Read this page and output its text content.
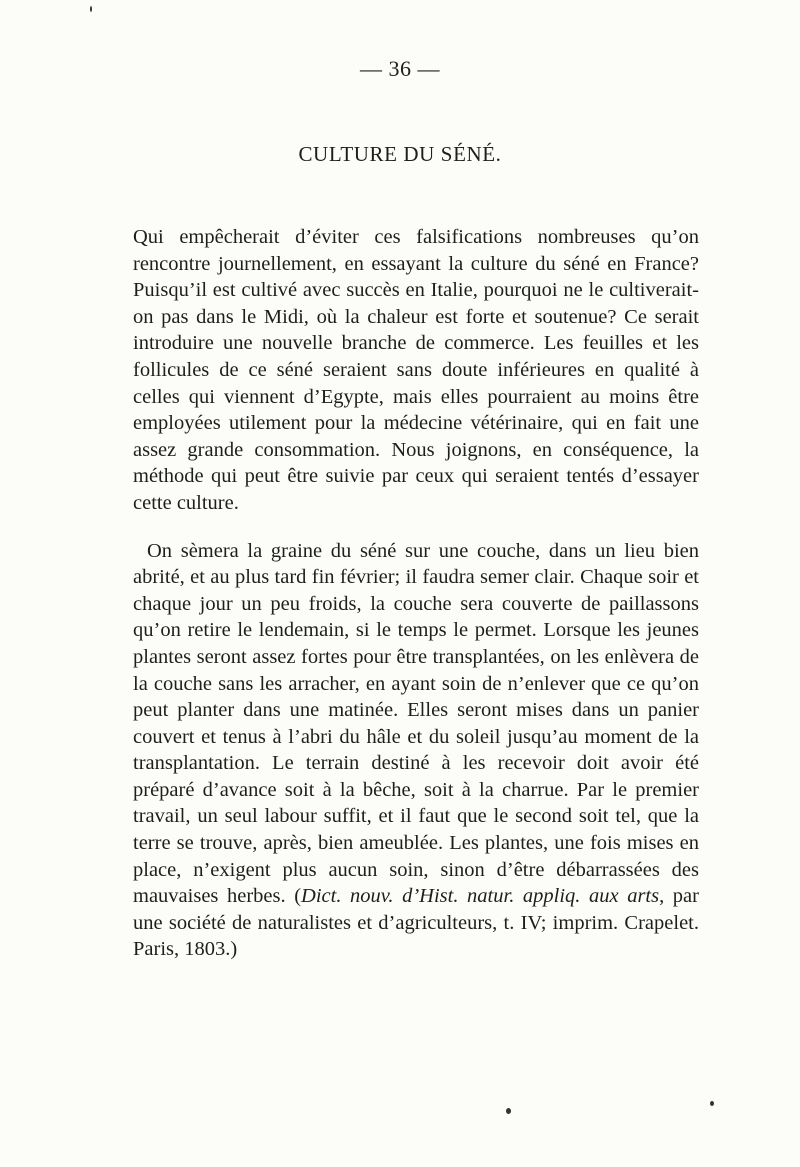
— 36 —
CULTURE DU SÉNÉ.

Qui empêcherait d’éviter ces falsifications nombreuses qu’on rencontre journellement, en essayant la culture du séné en France? Puisqu’il est cultivé avec succès en Italie, pourquoi ne le cultiverait-on pas dans le Midi, où la chaleur est forte et soutenue? Ce serait introduire une nouvelle branche de commerce. Les feuilles et les follicules de ce séné seraient sans doute inférieures en qualité à celles qui viennent d’Egypte, mais elles pourraient au moins être employées utilement pour la médecine vétérinaire, qui en fait une assez grande consommation. Nous joignons, en conséquence, la méthode qui peut être suivie par ceux qui seraient tentés d’essayer cette culture.

On sèmera la graine du séné sur une couche, dans un lieu bien abrité, et au plus tard fin février; il faudra semer clair. Chaque soir et chaque jour un peu froids, la couche sera couverte de paillassons qu’on retire le lendemain, si le temps le permet. Lorsque les jeunes plantes seront assez fortes pour être transplantées, on les enlèvera de la couche sans les arracher, en ayant soin de n’enlever que ce qu’on peut planter dans une matinée. Elles seront mises dans un panier couvert et tenus à l’abri du hâle et du soleil jusqu’au moment de la transplantation. Le terrain destiné à les recevoir doit avoir été préparé d’avance soit à la bêche, soit à la charrue. Par le premier travail, un seul labour suffit, et il faut que le second soit tel, que la terre se trouve, après, bien ameublée. Les plantes, une fois mises en place, n’exigent plus aucun soin, sinon d’être débarrassées des mauvaises herbes. (Dict. nouv. d’Hist. natur. appliq. aux arts, par une société de naturalistes et d’agriculteurs, t. IV; imprim. Crapelet. Paris, 1803.)
